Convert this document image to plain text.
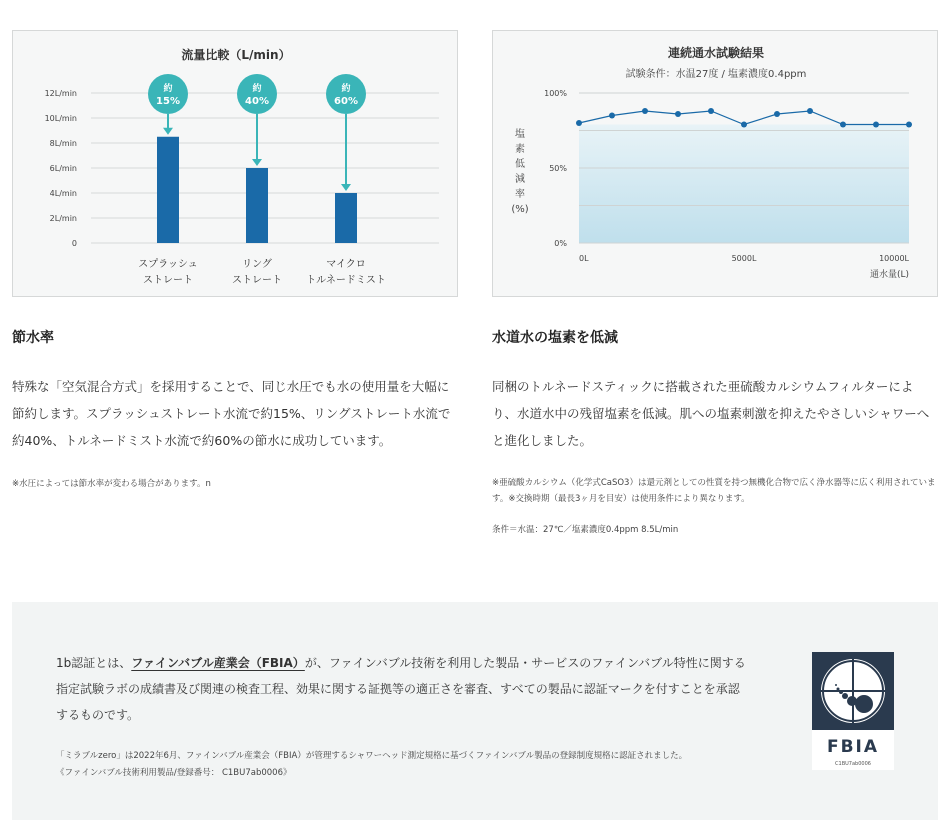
流量比較（L/min）
12L/min
10L/min
8L/min
6L/min
4L/min
2L/min
0
約
15%
スプラッシュ
ストレート
約
40%
リング
ストレート
約
60%
マイクロ
トルネードミスト
連続通水試験結果
試験条件：水温27度 / 塩素濃度0.4ppm
100%
50%
0%
塩
素
低
減
率
(%)
0L	5000L	10000L
通水量(L)
節水率

特殊な「空気混合方式」を採用することで、同じ水圧でも水の使用量を大幅に節約します。スプラッシュストレート水流で約15%、リングストレート水流で約40%、トルネードミスト水流で約60%の節水に成功しています。

※水圧によっては節水率が変わる場合があります。n

水道水の塩素を低減

同梱のトルネードスティックに搭載された亜硫酸カルシウムフィルターにより、水道水中の残留塩素を低減。肌への塩素刺激を抑えたやさしいシャワーへと進化しました。

※亜硫酸カルシウム（化学式CaSO3）は還元剤としての性質を持つ無機化合物で広く浄水器等に広く利用されています。※交換時期（最長3ヶ月を目安）は使用条件により異なります。

条件＝水温：27℃／塩素濃度0.4ppm 8.5L/min

1b認証とは、ファインバブル産業会（FBIA）が、ファインバブル技術を利用した製品・サービスのファインバブル特性に関する指定試験ラボの成績書及び関連の検査工程、効果に関する証拠等の適正さを審査、すべての製品に認証マークを付すことを承認するものです。

「ミラブルzero」は2022年6月、ファインバブル産業会（FBIA）が管理するシャワーヘッド測定規格に基づくファインバブル製品の登録制度規格に認証されました。
《ファインバブル技術利用製品/登録番号： C1BU7ab0006》

FBIA
C1BU7ab0006
